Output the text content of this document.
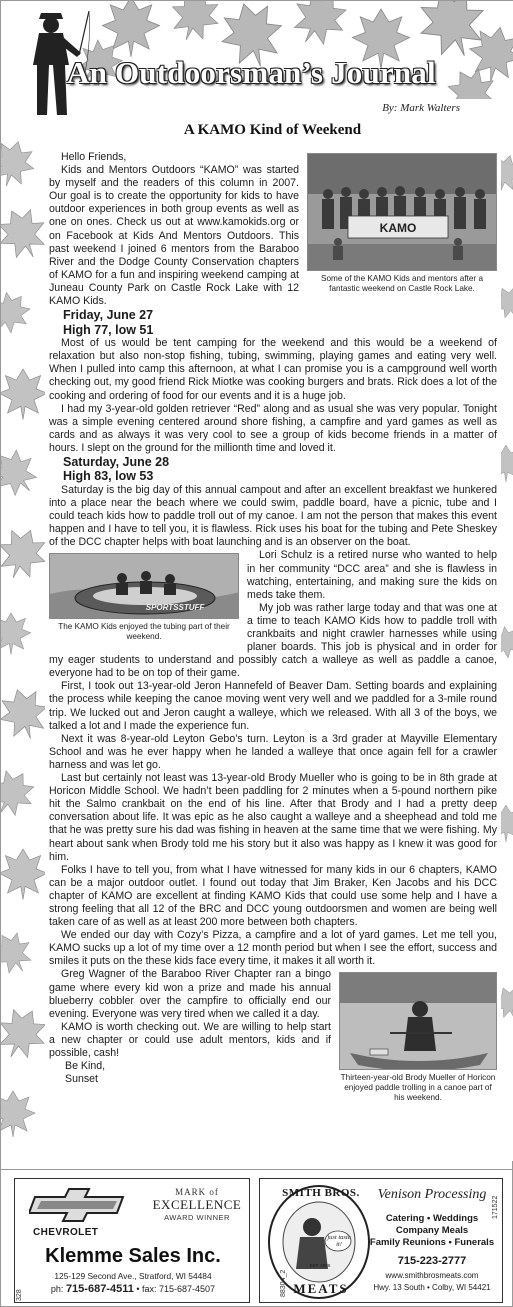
An Outdoorsman’s Journal
By: Mark Walters
A KAMO Kind of Weekend
KAMO
Some of the KAMO Kids and mentors after a fantastic weekend on Castle Rock Lake.

Hello Friends,

Kids and Mentors Outdoors “KAMO” was started by myself and the readers of this column in 2007. Our goal is to create the opportunity for kids to have outdoor experiences in both group events as well as one on ones. Check us out at www.kamokids.org or on Facebook at Kids And Mentors Outdoors. This past weekend I joined 6 mentors from the Baraboo River and the Dodge County Conservation chapters of KAMO for a fun and inspiring weekend camping at Juneau County Park on Castle Rock Lake with 12 KAMO Kids.

Friday, June 27
High 77, low 51

Most of us would be tent camping for the weekend and this would be a weekend of relaxation but also non-stop fishing, tubing, swimming, playing games and eating very well. When I pulled into camp this afternoon, at what I can promise you is a campground well worth checking out, my good friend Rick Miotke was cooking burgers and brats. Rick does a lot of the cooking and ordering of food for our events and it is a huge job.

I had my 3-year-old golden retriever “Red” along and as usual she was very popular. Tonight was a simple evening centered around shore fishing, a campfire and yard games as well as cards and as always it was very cool to see a group of kids become friends in a matter of hours. I slept on the ground for the millionth time and loved it.

Saturday, June 28
High 83, low 53

Saturday is the big day of this annual campout and after an excellent breakfast we hunkered into a place near the beach where we could swim, paddle board, have a picnic, tube and I could teach kids how to paddle troll out of my canoe. I am not the person that makes this event happen and I have to tell you, it is flawless. Rick uses his boat for the tubing and Pete Sheskey of the DCC chapter helps with boat launching and is an observer on the boat.

SPORTSSTUFF
The KAMO Kids enjoyed the tubing part of their weekend.

Lori Schulz is a retired nurse who wanted to help in her community “DCC area” and she is flawless in watching, entertaining, and making sure the kids on meds take them.

My job was rather large today and that was one at a time to teach KAMO Kids how to paddle troll with crankbaits and night crawler harnesses while using planer boards. This job is physical and in order for my eager students to understand and possibly catch a walleye as well as paddle a canoe, everyone had to be on top of their game.

First, I took out 13-year-old Jeron Hannefeld of Beaver Dam. Setting boards and explaining the process while keeping the canoe moving went very well and we paddled for a 3-mile round trip. We lucked out and Jeron caught a walleye, which we released. With all 3 of the boys, we talked a lot and I made the experience fun.

Next it was 8-year-old Leyton Gebo’s turn. Leyton is a 3rd grader at Mayville Elementary School and was he ever happy when he landed a walleye that once again fell for a crawler harness and was let go.

Last but certainly not least was 13-year-old Brody Mueller who is going to be in 8th grade at Horicon Middle School. We hadn’t been paddling for 2 minutes when a 5-pound northern pike hit the Salmo crankbait on the end of his line. After that Brody and I had a pretty deep conversation about life. It was epic as he also caught a walleye and a sheephead and told me that he was pretty sure his dad was fishing in heaven at the same time that we were fishing. My heart about sank when Brody told me his story but it also was happy as I knew it was good for him.

Folks I have to tell you, from what I have witnessed for many kids in our 6 chapters, KAMO can be a major outdoor outlet. I found out today that Jim Braker, Ken Jacobs and his DCC chapter of KAMO are excellent at finding KAMO Kids that could use some help and I have a strong feeling that all 12 of the BRC and DCC young outdoorsmen and women are being well taken care of as well as at least 200 more between both chapters.

We ended our day with Cozy’s Pizza, a campfire and a lot of yard games. Let me tell you, KAMO sucks up a lot of my time over a 12 month period but when I see the effort, success and smiles it puts on the these kids face every time, it makes it all worth it.

Thirteen-year-old Brody Mueller of Horicon enjoyed paddle trolling in a canoe part of his weekend.

Greg Wagner of the Baraboo River Chapter ran a bingo game where every kid won a prize and made his annual blueberry cobbler over the campfire to officially end our evening. Everyone was very tired when we called it a day.

KAMO is worth checking out. We are willing to help start a new chapter or could use adult mentors, kids and if possible, cash!

Be Kind,

Sunset

CHEVROLET
MARK of
EXCELLENCE
AWARD WINNER
Klemme Sales Inc.
125-129 Second Ave., Stratford, WI 54484
ph: 715-687-4511 • fax: 715-687-4507
328
SMITH BROS.
just taste it!
EST. 1906
MEATS
Venison Processing
Catering • Weddings
Company Meals
Family Reunions • Funerals
715-223-2777
www.smithbrosmeats.com
Hwy. 13 South • Colby, WI 54421
88304_2
171522
